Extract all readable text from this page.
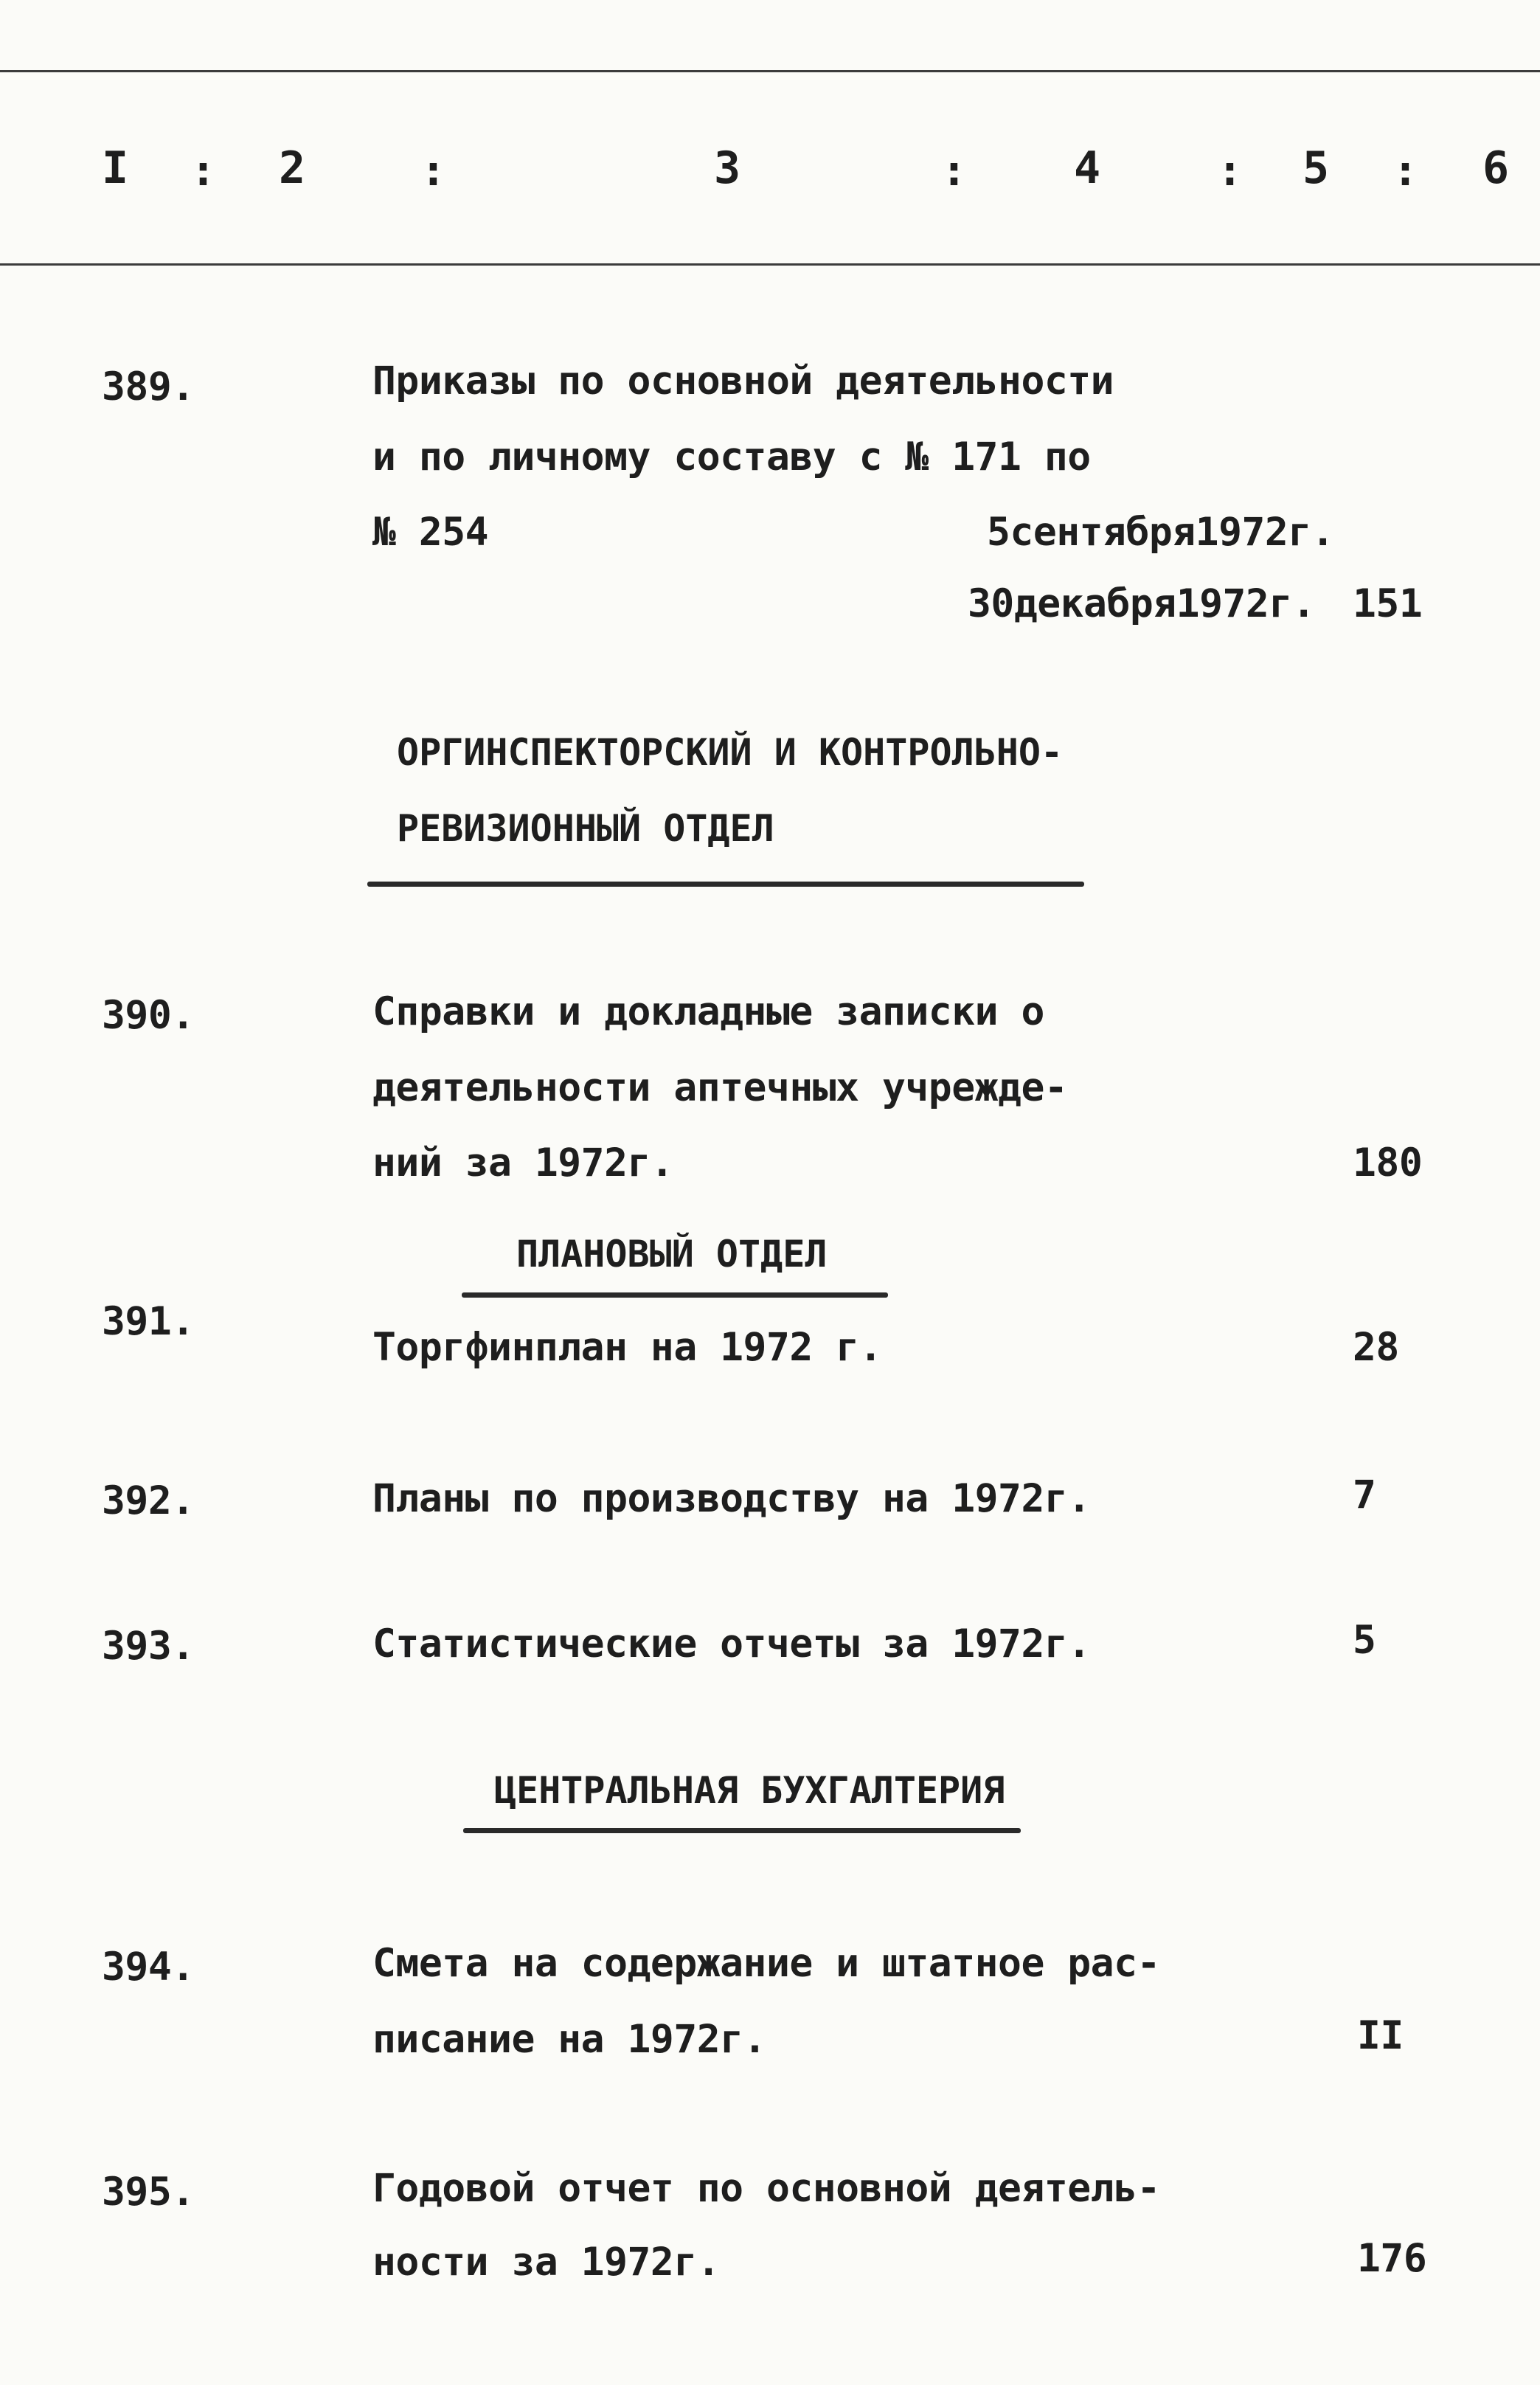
I : 2	:	3	: 4	: 5 : 6
389.	Приказы по основной деятельности
и по личному составу с № 171 по
№ 254	5сентября1972г.
30декабря1972г. 151
ОРГИНСПЕКТОРСКИЙ И КОНТРОЛЬНО-
РЕВИЗИОННЫЙ ОТДЕЛ
390.	Справки и докладные записки о
деятельности аптечных учрежде-
ний за 1972г.	180
ПЛАНОВЫЙ ОТДЕЛ
391.
Торгфинплан на 1972 г.	28
392.	Планы по производству на 1972г.	7
393.	Статистические отчеты за 1972г.	5
ЦЕНТРАЛЬНАЯ БУХГАЛТЕРИЯ
394.	Смета на содержание и штатное рас-
писание на 1972г.	II
395.	Годовой отчет по основной деятель-
ности за 1972г.	176
